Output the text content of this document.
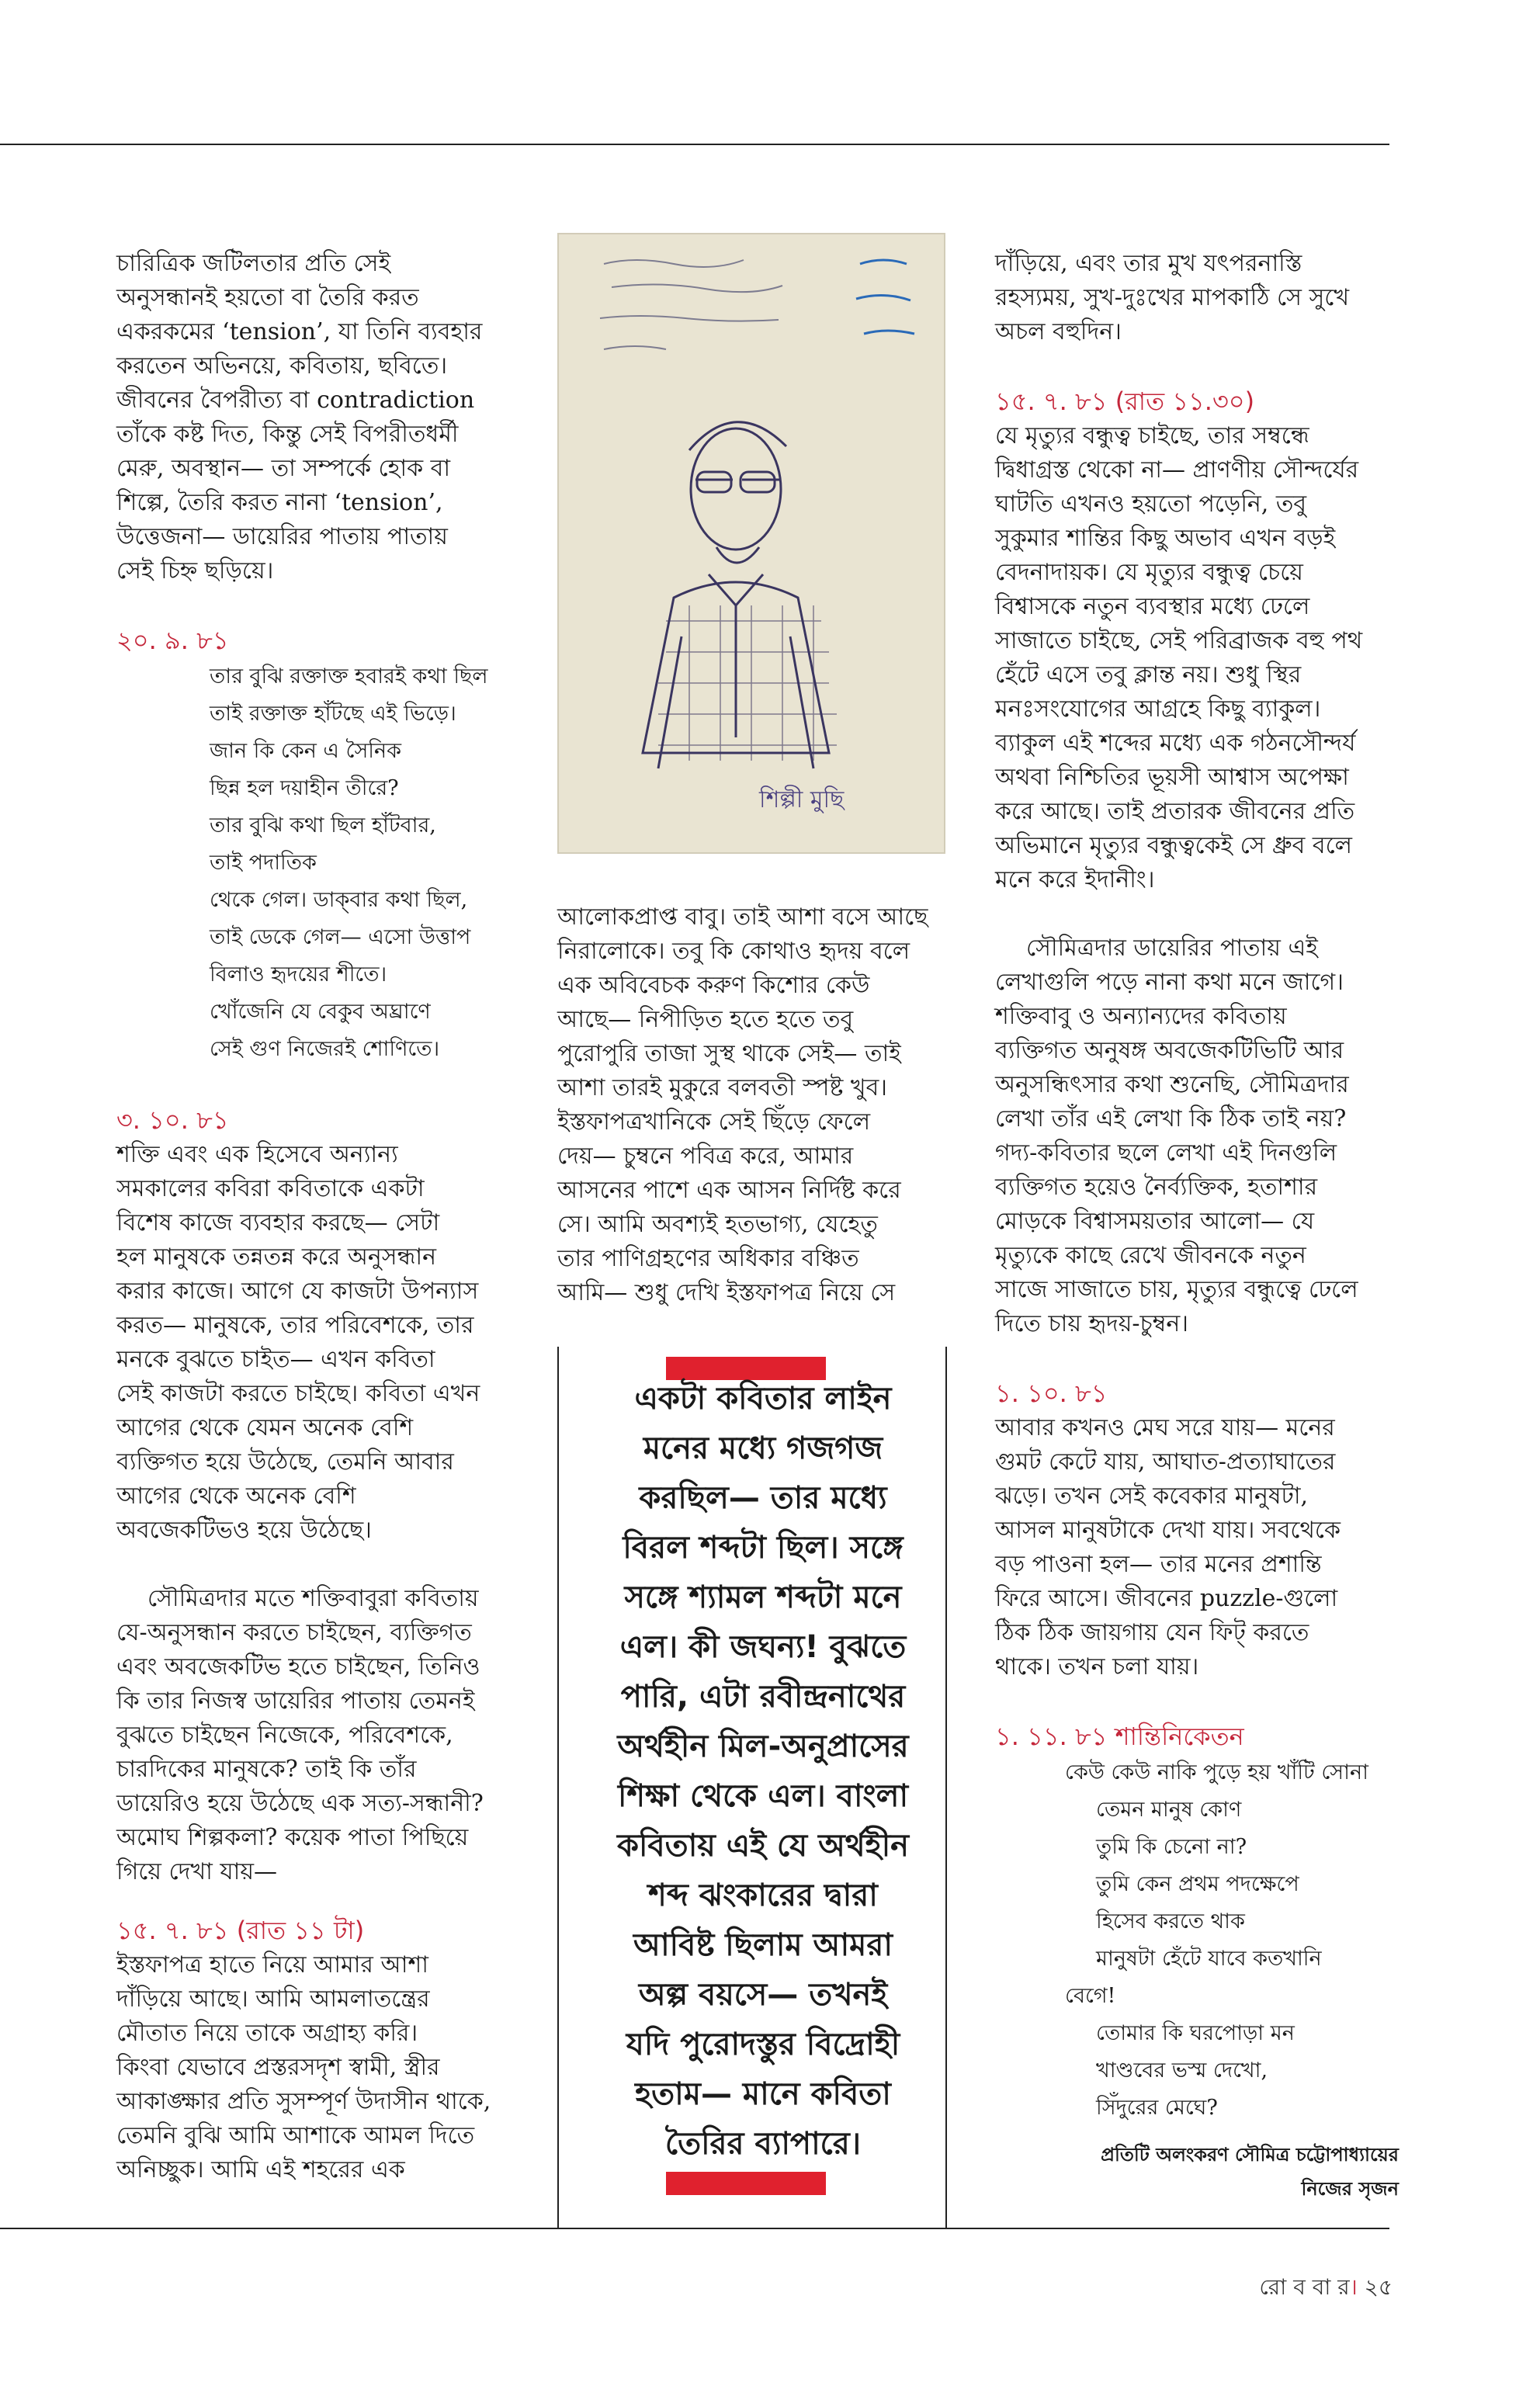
চারিত্রিক জটিলতার প্রতি সেই
অনুসন্ধানই হয়তো বা তৈরি করত
একরকমের ‘tension’, যা তিনি ব্যবহার
করতেন অভিনয়ে, কবিতায়, ছবিতে।
জীবনের বৈপরীত্য বা contradiction
তাঁকে কষ্ট দিত, কিন্তু সেই বিপরীতধর্মী
মেরু, অবস্থান— তা সম্পর্কে হোক বা
শিল্পে, তৈরি করত নানা ‘tension’,
উত্তেজনা— ডায়েরির পাতায় পাতায়
সেই চিহ্ন ছড়িয়ে।

২০. ৯. ৮১

তার বুঝি রক্তাক্ত হবারই কথা ছিল
তাই রক্তাক্ত হাঁটছে এই ভিড়ে।
জান কি কেন এ সৈনিক
ছিন্ন হল দয়াহীন তীরে?
তার বুঝি কথা ছিল হাঁটবার,
তাই পদাতিক
থেকে গেল। ডাক্‌বার কথা ছিল,
তাই ডেকে গেল— এসো উত্তাপ
বিলাও হৃদয়ের শীতে।
খোঁজেনি যে বেকুব অঘ্রাণে
সেই গুণ নিজেরই শোণিতে।

৩. ১০. ৮১

শক্তি এবং এক হিসেবে অন্যান্য
সমকালের কবিরা কবিতাকে একটা
বিশেষ কাজে ব্যবহার করছে— সেটা
হল মানুষকে তন্নতন্ন করে অনুসন্ধান
করার কাজে। আগে যে কাজটা উপন্যাস
করত— মানুষকে, তার পরিবেশকে, তার
মনকে বুঝতে চাইত— এখন কবিতা
সেই কাজটা করতে চাইছে। কবিতা এখন
আগের থেকে যেমন অনেক বেশি
ব্যক্তিগত হয়ে উঠেছে, তেমনি আবার
আগের থেকে অনেক বেশি
অবজেকটিভও হয়ে উঠেছে।
সৌমিত্রদার মতে শক্তিবাবুরা কবিতায়
যে-অনুসন্ধান করতে চাইছেন, ব্যক্তিগত
এবং অবজেকটিভ হতে চাইছেন, তিনিও
কি তার নিজস্ব ডায়েরির পাতায় তেমনই
বুঝতে চাইছেন নিজেকে, পরিবেশকে,
চারদিকের মানুষকে? তাই কি তাঁর
ডায়েরিও হয়ে উঠেছে এক সত্য-সন্ধানী?
অমোঘ শিল্পকলা? কয়েক পাতা পিছিয়ে
গিয়ে দেখা যায়—

১৫. ৭. ৮১ (রাত ১১ টা)

ইস্তফাপত্র হাতে নিয়ে আমার আশা
দাঁড়িয়ে আছে। আমি আমলাতন্ত্রের
মৌতাত নিয়ে তাকে অগ্রাহ্য করি।
কিংবা যেভাবে প্রস্তরসদৃশ স্বামী, স্ত্রীর
আকাঙ্ক্ষার প্রতি সুসম্পূর্ণ উদাসীন থাকে,
তেমনি বুঝি আমি আশাকে আমল দিতে
অনিচ্ছুক। আমি এই শহরের এক
শিল্পী মুছি
আলোকপ্রাপ্ত বাবু। তাই আশা বসে আছে
নিরালোকে। তবু কি কোথাও হৃদয় বলে
এক অবিবেচক করুণ কিশোর কেউ
আছে— নিপীড়িত হতে হতে তবু
পুরোপুরি তাজা সুস্থ থাকে সেই— তাই
আশা তারই মুকুরে বলবতী স্পষ্ট খুব।
ইস্তফাপত্রখানিকে সেই ছিঁড়ে ফেলে
দেয়— চুম্বনে পবিত্র করে, আমার
আসনের পাশে এক আসন নির্দিষ্ট করে
সে। আমি অবশ্যই হতভাগ্য, যেহেতু
তার পাণিগ্রহণের অধিকার বঞ্চিত
আমি— শুধু দেখি ইস্তফাপত্র নিয়ে সে
একটা কবিতার লাইন
মনের মধ্যে গজগজ
করছিল— তার মধ্যে
বিরল শব্দটা ছিল। সঙ্গে
সঙ্গে শ্যামল শব্দটা মনে
এল। কী জঘন্য! বুঝতে
পারি, এটা রবীন্দ্রনাথের
অর্থহীন মিল-অনুপ্রাসের
শিক্ষা থেকে এল। বাংলা
কবিতায় এই যে অর্থহীন
শব্দ ঝংকারের দ্বারা
আবিষ্ট ছিলাম আমরা
অল্প বয়সে— তখনই
যদি পুরোদস্তুর বিদ্রোহী
হতাম— মানে কবিতা
তৈরির ব্যাপারে।
দাঁড়িয়ে, এবং তার মুখ যৎপরনাস্তি
রহস্যময়, সুখ-দুঃখের মাপকাঠি সে সুখে
অচল বহুদিন।

১৫. ৭. ৮১ (রাত ১১.৩০)

যে মৃত্যুর বন্ধুত্ব চাইছে, তার সম্বন্ধে
দ্বিধাগ্রস্ত থেকো না— প্রাণণীয় সৌন্দর্যের
ঘাটতি এখনও হয়তো পড়েনি, তবু
সুকুমার শান্তির কিছু অভাব এখন বড়ই
বেদনাদায়ক। যে মৃত্যুর বন্ধুত্ব চেয়ে
বিশ্বাসকে নতুন ব্যবস্থার মধ্যে ঢেলে
সাজাতে চাইছে, সেই পরিব্রাজক বহু পথ
হেঁটে এসে তবু ক্লান্ত নয়। শুধু স্থির
মনঃসংযোগের আগ্রহে কিছু ব্যাকুল।
ব্যাকুল এই শব্দের মধ্যে এক গঠনসৌন্দর্য
অথবা নিশ্চিতির ভূয়সী আশ্বাস অপেক্ষা
করে আছে। তাই প্রতারক জীবনের প্রতি
অভিমানে মৃত্যুর বন্ধুত্বকেই সে ধ্রুব বলে
মনে করে ইদানীং।
সৌমিত্রদার ডায়েরির পাতায় এই
লেখাগুলি পড়ে নানা কথা মনে জাগে।
শক্তিবাবু ও অন্যান্যদের কবিতায়
ব্যক্তিগত অনুষঙ্গ অবজেকটিভিটি আর
অনুসন্ধিৎসার কথা শুনেছি, সৌমিত্রদার
লেখা তাঁর এই লেখা কি ঠিক তাই নয়?
গদ্য-কবিতার ছলে লেখা এই দিনগুলি
ব্যক্তিগত হয়েও নৈর্ব্যক্তিক, হতাশার
মোড়কে বিশ্বাসময়তার আলো— যে
মৃত্যুকে কাছে রেখে জীবনকে নতুন
সাজে সাজাতে চায়, মৃত্যুর বন্ধুত্বে ঢেলে
দিতে চায় হৃদয়-চুম্বন।

১. ১০. ৮১

আবার কখনও মেঘ সরে যায়— মনের
গুমট কেটে যায়, আঘাত-প্রত্যাঘাতের
ঝড়ে। তখন সেই কবেকার মানুষটা,
আসল মানুষটাকে দেখা যায়। সবথেকে
বড় পাওনা হল— তার মনের প্রশান্তি
ফিরে আসে। জীবনের puzzle-গুলো
ঠিক ঠিক জায়গায় যেন ফিট্ করতে
থাকে। তখন চলা যায়।

১. ১১. ৮১ শান্তিনিকেতন

কেউ কেউ নাকি পুড়ে হয় খাঁটি সোনা
তেমন মানুষ কোণ
তুমি কি চেনো না?
তুমি কেন প্রথম পদক্ষেপে
হিসেব করতে থাক
মানুষটা হেঁটে যাবে কতখানি
বেগে!
তোমার কি ঘরপোড়া মন
খাণ্ডবের ভস্ম দেখো,
সিঁদুরের মেঘে?
প্রতিটি অলংকরণ সৌমিত্র চট্টোপাধ্যায়ের
নিজের সৃজন
রো ব বা র। ২৫
